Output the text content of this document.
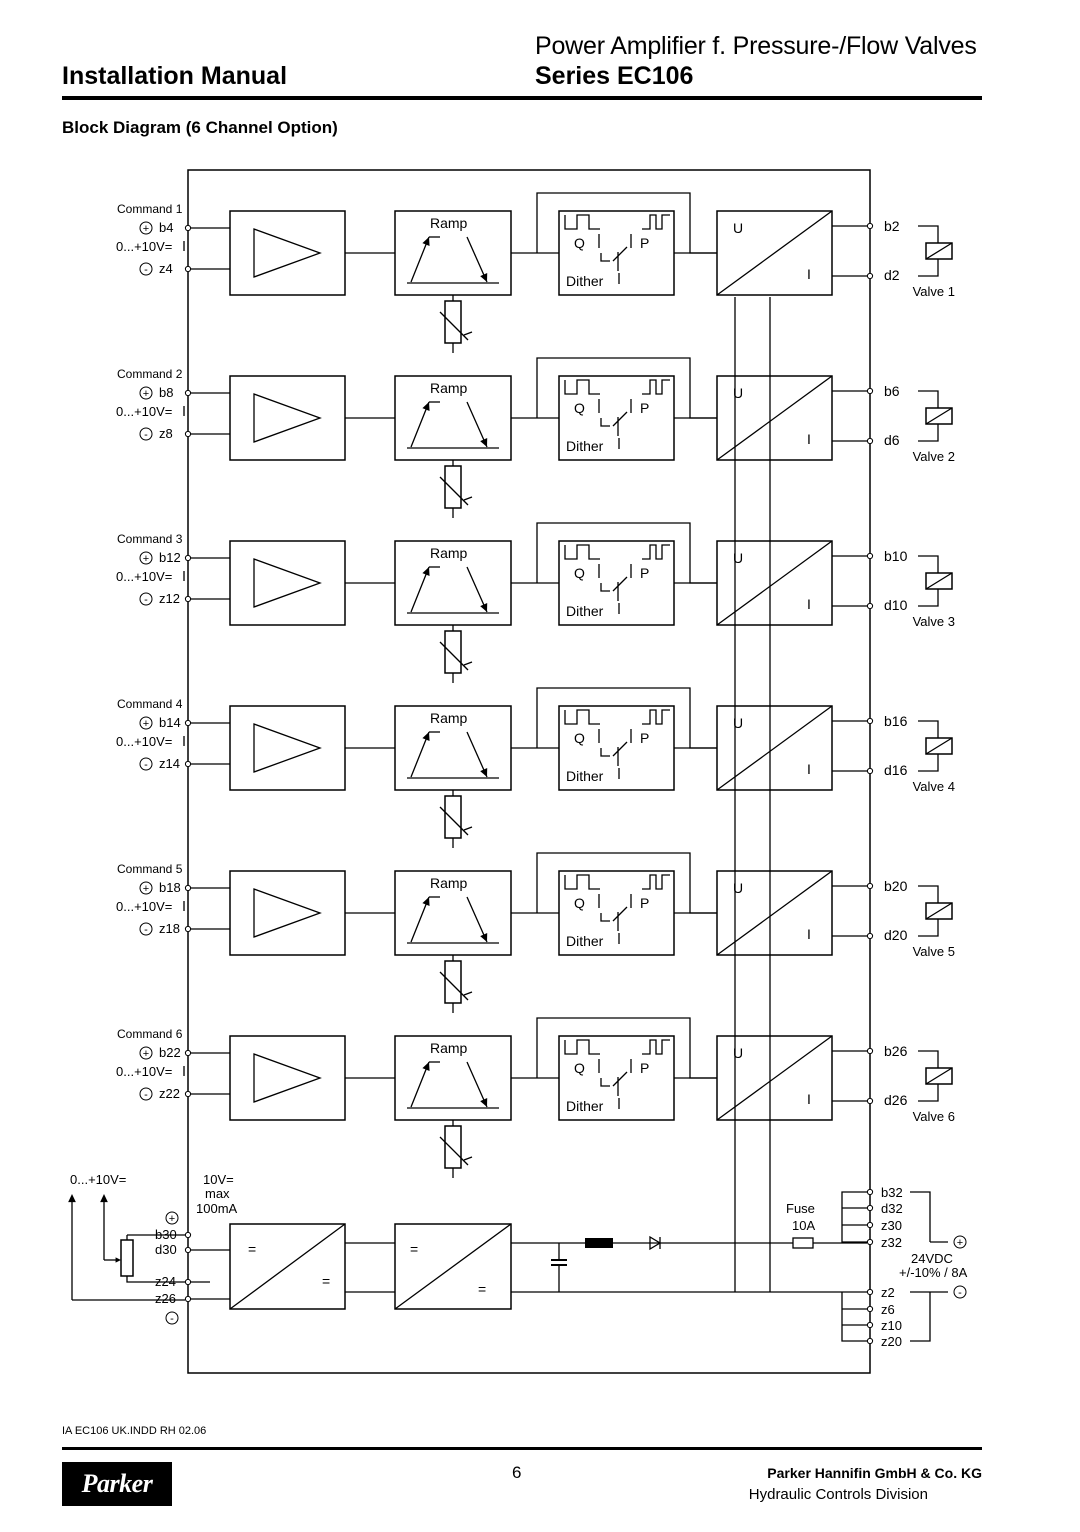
Power Amplifier f. Pressure-/Flow Valves
Installation Manual	Series EC106
Block Diagram (6 Channel Option)
Command 1
+ b4
0...+10V=
- z4
Ramp
Q	P
Dither
U
I
b2
d2
Valve 1
Command 2
+ b8
0...+10V=
- z8
Ramp
Q	P
Dither
U
I
b6
d6
Valve 2
Command 3
+ b12
0...+10V=
- z12
Ramp
Q	P
Dither
U
I
b10
d10
Valve 3
Command 4
+ b14
0...+10V=
- z14
Ramp
Q	P
Dither
U
I
b16
d16
Valve 4
Command 5
+ b18
0...+10V=
- z18
Ramp
Q	P
Dither
U
I
b20
d20
Valve 5
Command 6
+ b22
0...+10V=
- z22
Ramp
Q	P
Dither
U
I
b26
d26
Valve 6
0...+10V=	10V=
max
100mA
+
b30
d30
z24
z26
-
=
=
=
=
Fuse
10A
b32
d32
z30
z32	+
24VDC
+/-10% / 8A
z2
z6
z10
z20
-
IA EC106 UK.INDD RH 02.06
Parker	6	Parker Hannifin GmbH & Co. KG
Hydraulic Controls Division
